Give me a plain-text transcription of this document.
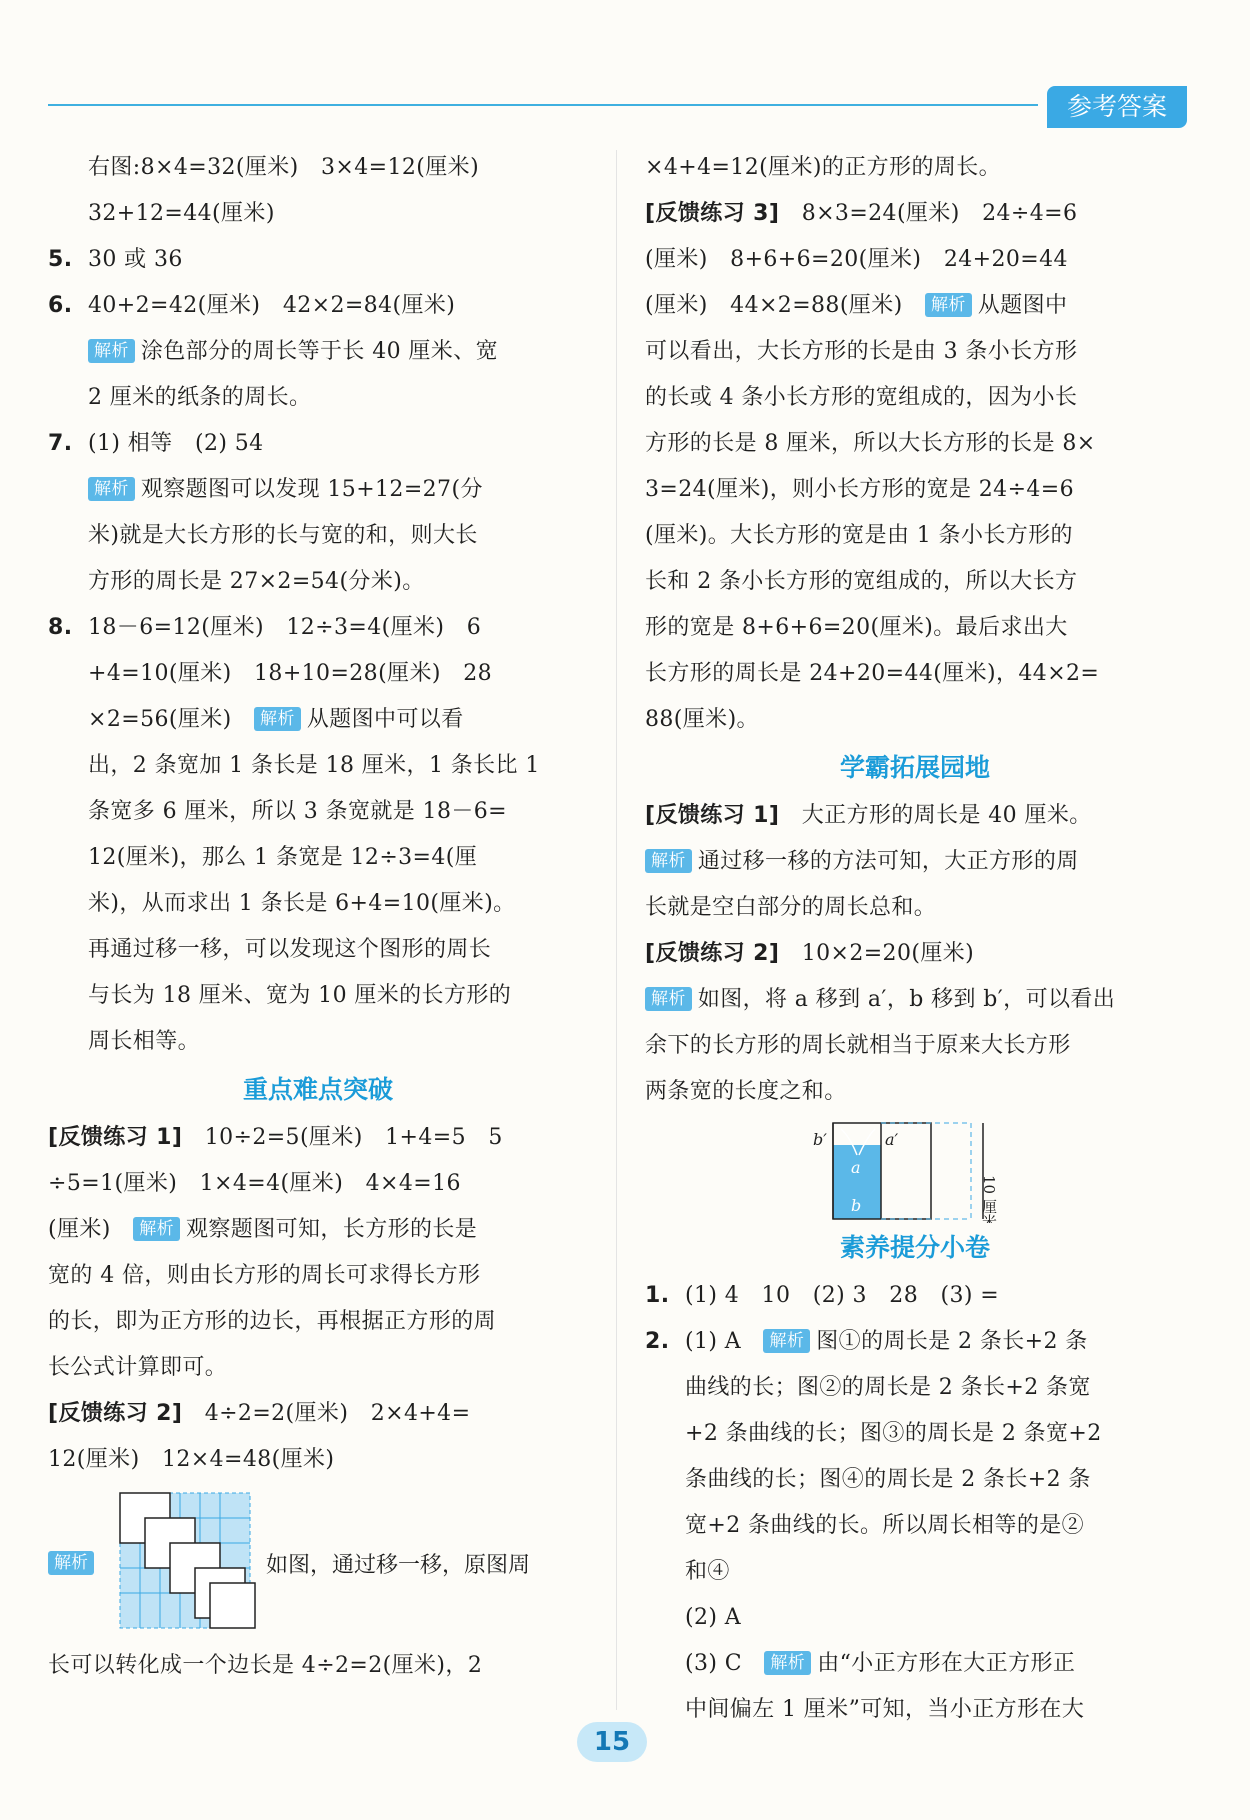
参考答案
右图:8×4=32(厘米)　3×4=12(厘米)
32+12=44(厘米)
5. 30 或 36
6. 40+2=42(厘米)　42×2=84(厘米)
解析 涂色部分的周长等于长 40 厘米、宽
2 厘米的纸条的周长。
7. (1) 相等　(2) 54
解析 观察题图可以发现 15+12=27(分
米)就是大长方形的长与宽的和，则大长
方形的周长是 27×2=54(分米)。
8. 18－6=12(厘米)　12÷3=4(厘米)　6
+4=10(厘米)　18+10=28(厘米)　28
×2=56(厘米)　 解析 从题图中可以看
出，2 条宽加 1 条长是 18 厘米，1 条长比 1
条宽多 6 厘米，所以 3 条宽就是 18－6=
12(厘米)，那么 1 条宽是 12÷3=4(厘
米)，从而求出 1 条长是 6+4=10(厘米)。
再通过移一移，可以发现这个图形的周长
与长为 18 厘米、宽为 10 厘米的长方形的
周长相等。
重点难点突破
[反馈练习 1]　 10÷2=5(厘米)　1+4=5　5
÷5=1(厘米)　1×4=4(厘米)　4×4=16
(厘米)　 解析 观察题图可知，长方形的长是
宽的 4 倍，则由长方形的周长可求得长方形
的长，即为正方形的边长，再根据正方形的周
长公式计算即可。
[反馈练习 2]　 4÷2=2(厘米)　2×4+4=
12(厘米)　12×4=48(厘米)
解析	如图，通过移一移，原图周
长可以转化成一个边长是 4÷2=2(厘米)，2
×4+4=12(厘米)的正方形的周长。
[反馈练习 3]　 8×3=24(厘米)　24÷4=6
(厘米)　8+6+6=20(厘米)　24+20=44
(厘米)　44×2=88(厘米)　 解析 从题图中
可以看出，大长方形的长是由 3 条小长方形
的长或 4 条小长方形的宽组成的，因为小长
方形的长是 8 厘米，所以大长方形的长是 8×
3=24(厘米)，则小长方形的宽是 24÷4=6
(厘米)。大长方形的宽是由 1 条小长方形的
长和 2 条小长方形的宽组成的，所以大长方
形的宽是 8+6+6=20(厘米)。最后求出大
长方形的周长是 24+20=44(厘米)，44×2=
88(厘米)。
学霸拓展园地
[反馈练习 1]　 大正方形的周长是 40 厘米。
解析 通过移一移的方法可知，大正方形的周
长就是空白部分的周长总和。
[反馈练习 2]　 10×2=20(厘米)
解析 如图，将 a 移到 a′，b 移到 b′，可以看出
余下的长方形的周长就相当于原来大长方形
两条宽的长度之和。
a
b
a′
b′
10 厘米
素养提分小卷
1. (1) 4　10　(2) 3　28　(3) =
2. (1) A　 解析 图①的周长是 2 条长+2 条
曲线的长；图②的周长是 2 条长+2 条宽
+2 条曲线的长；图③的周长是 2 条宽+2
条曲线的长；图④的周长是 2 条长+2 条
宽+2 条曲线的长。所以周长相等的是②
和④
(2) A
(3) C　 解析 由“小正方形在大正方形正
中间偏左 1 厘米”可知，当小正方形在大
15
